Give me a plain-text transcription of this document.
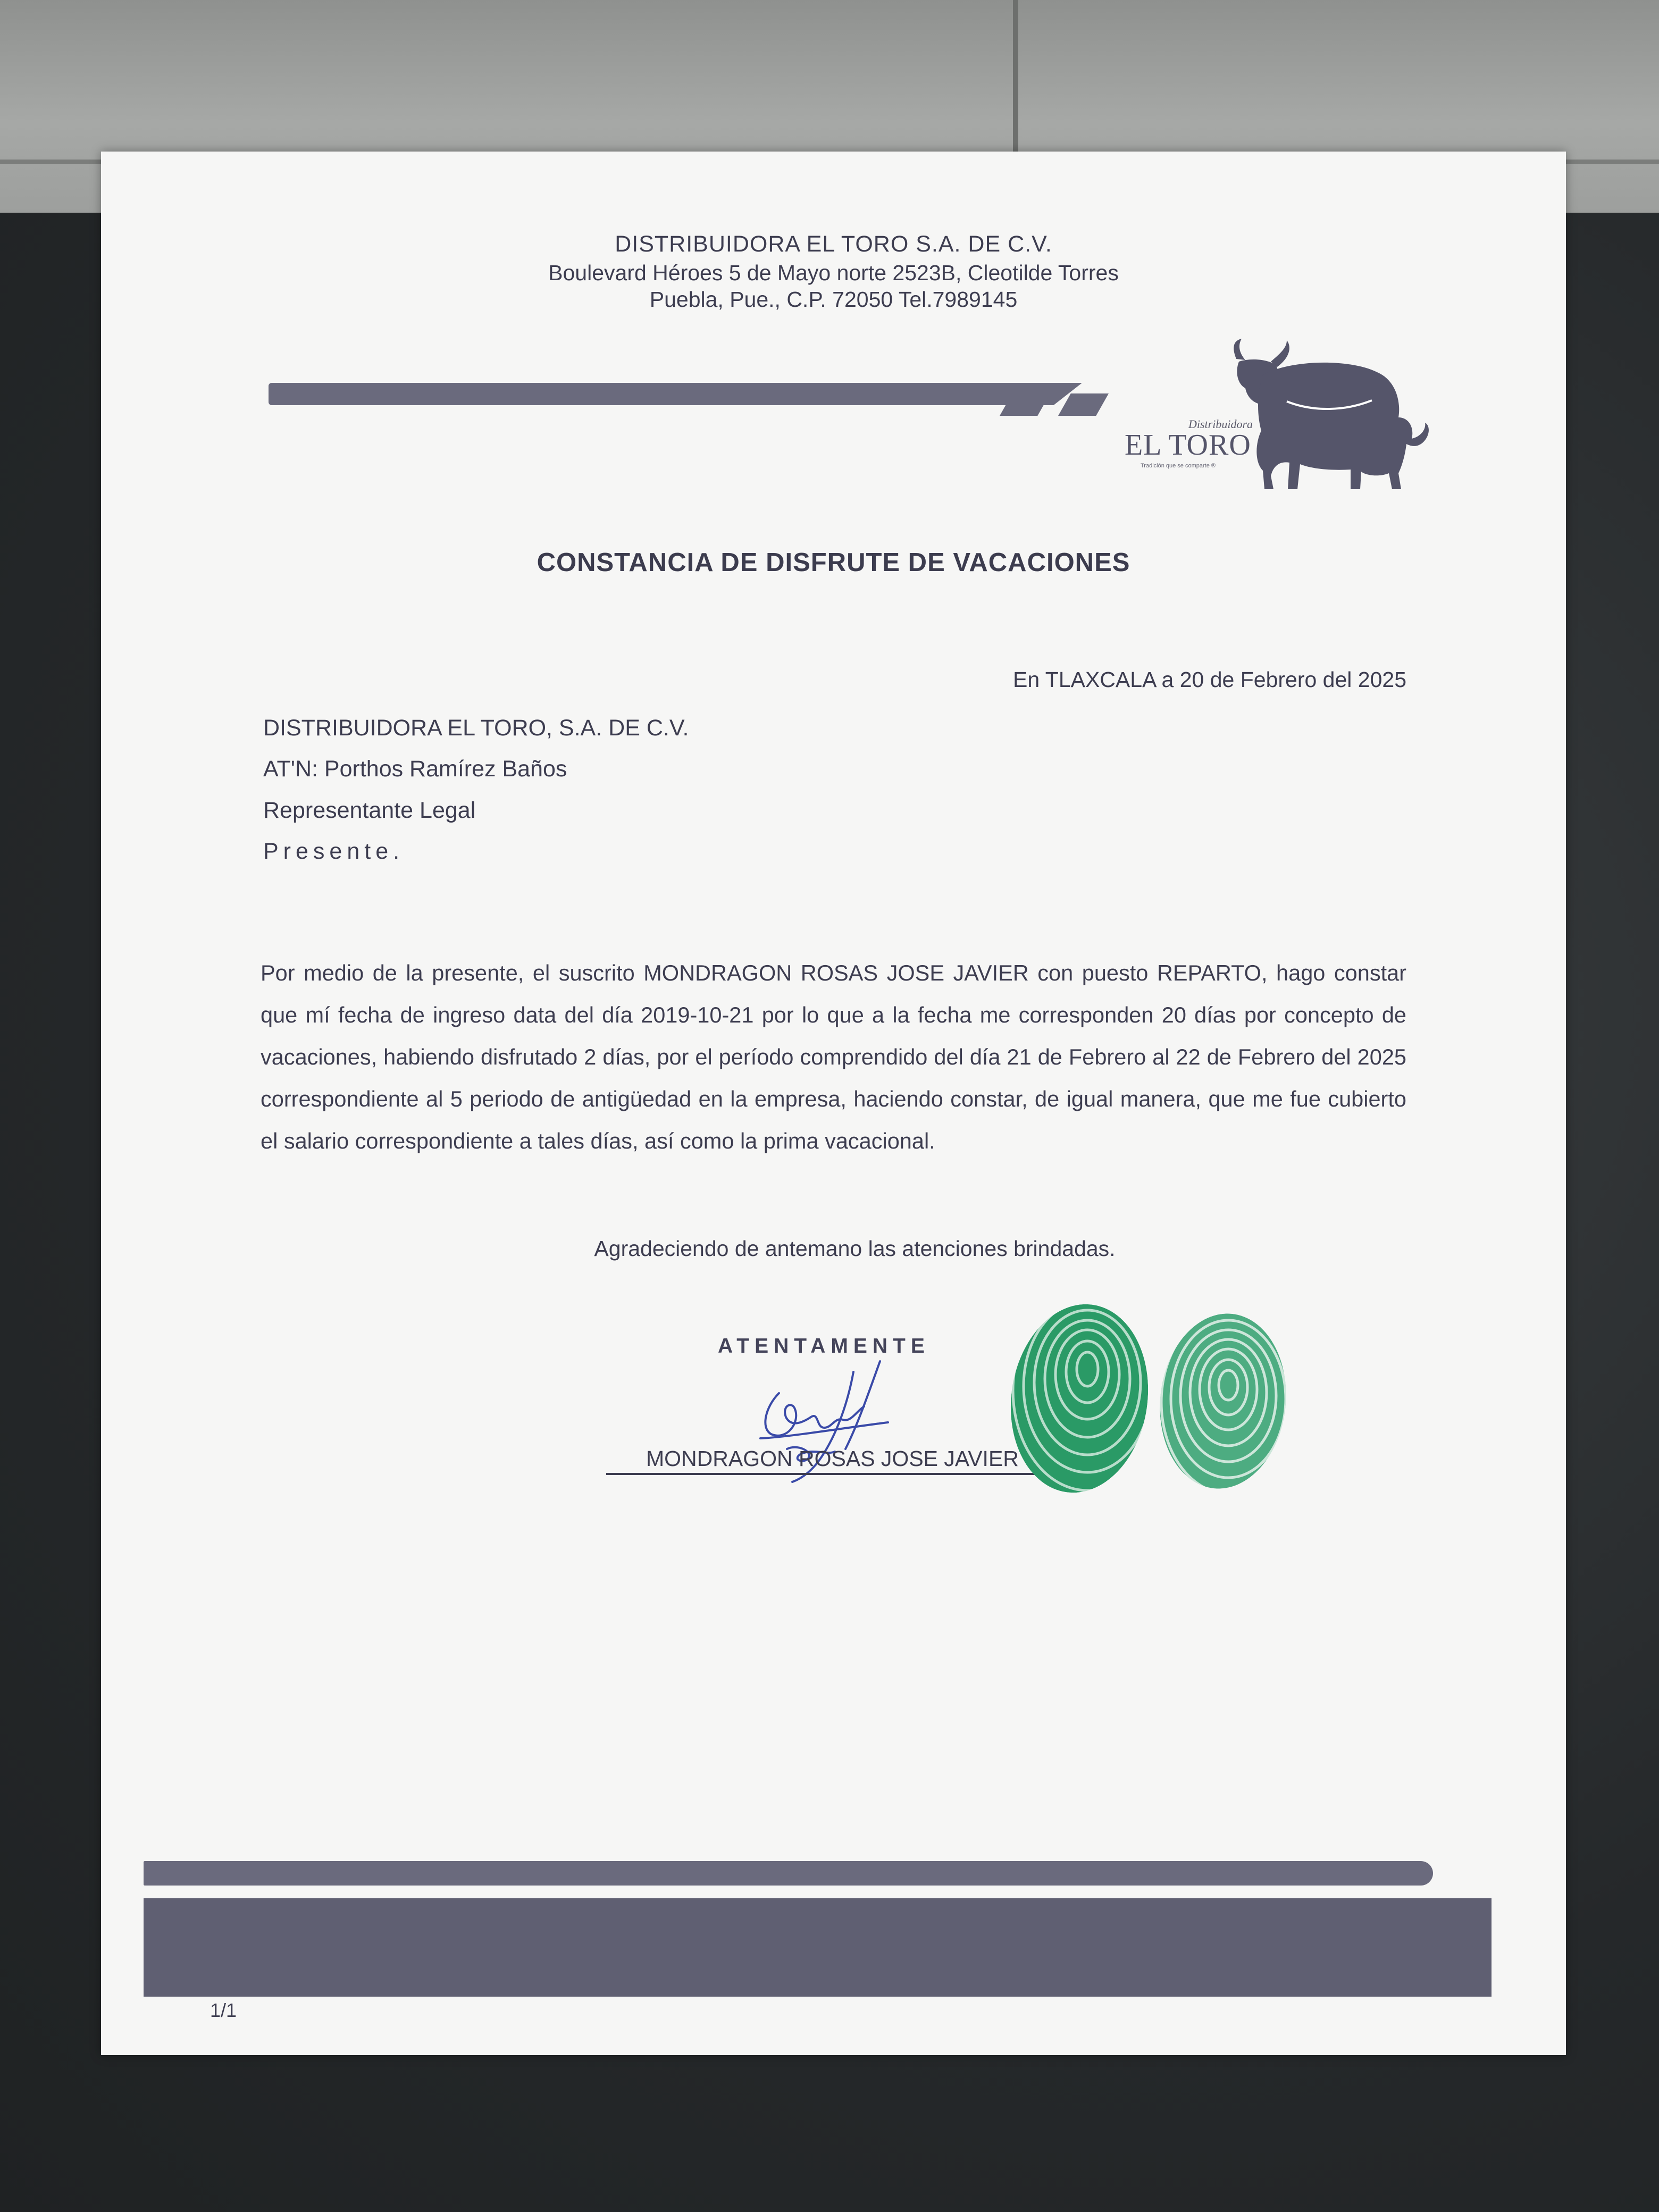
DISTRIBUIDORA EL TORO S.A. DE C.V.
Boulevard Héroes 5 de Mayo norte 2523B, Cleotilde Torres
Puebla, Pue., C.P. 72050 Tel.7989145
Distribuidora
EL TORO
Tradición que se comparte ®
CONSTANCIA DE DISFRUTE DE VACACIONES
En TLAXCALA a 20 de Febrero del 2025
DISTRIBUIDORA EL TORO, S.A. DE C.V.
AT'N: Porthos Ramírez Baños
Representante Legal
Presente.
Por medio de la presente, el suscrito MONDRAGON ROSAS JOSE JAVIER con puesto REPARTO, hago constar que mí fecha de ingreso data del día 2019-10-21 por lo que a la fecha me corresponden 20 días por concepto de vacaciones, habiendo disfrutado 2 días, por el período comprendido del día 21 de Febrero al 22 de Febrero del 2025 correspondiente al 5 periodo de antigüedad en la empresa, haciendo constar, de igual manera, que me fue cubierto el salario correspondiente a tales días, así como la prima vacacional.
Agradeciendo de antemano las atenciones brindadas.
ATENTAMENTE
MONDRAGON ROSAS JOSE JAVIER
1/1
